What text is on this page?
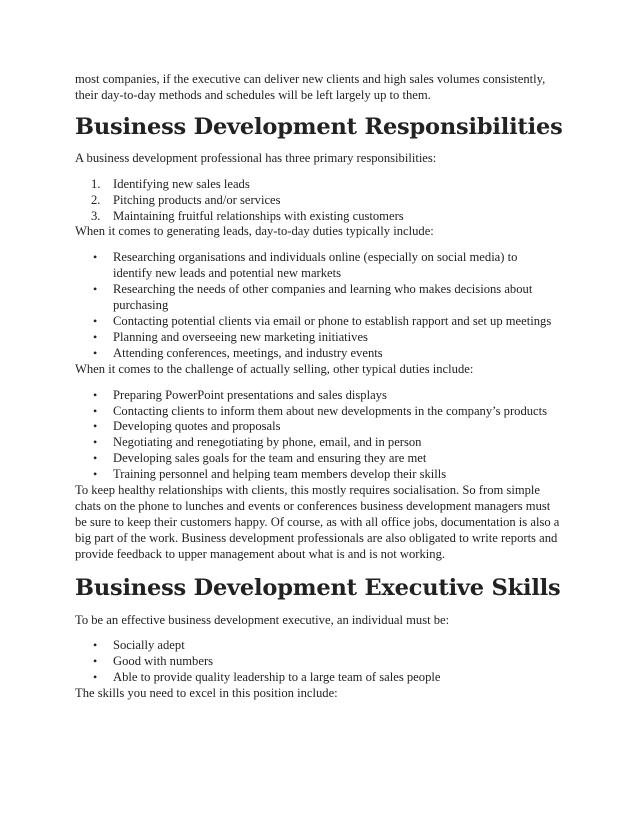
most companies, if the executive can deliver new clients and high sales volumes consistently, their day-to-day methods and schedules will be left largely up to them.

Business Development Responsibilities

A business development professional has three primary responsibilities:

1. Identifying new sales leads
2. Pitching products and/or services
3. Maintaining fruitful relationships with existing customers

When it comes to generating leads, day-to-day duties typically include:

• Researching organisations and individuals online (especially on social media) to identify new leads and potential new markets
• Researching the needs of other companies and learning who makes decisions about purchasing
• Contacting potential clients via email or phone to establish rapport and set up meetings
• Planning and overseeing new marketing initiatives
• Attending conferences, meetings, and industry events

When it comes to the challenge of actually selling, other typical duties include:

• Preparing PowerPoint presentations and sales displays
• Contacting clients to inform them about new developments in the company’s products
• Developing quotes and proposals
• Negotiating and renegotiating by phone, email, and in person
• Developing sales goals for the team and ensuring they are met
• Training personnel and helping team members develop their skills

To keep healthy relationships with clients, this mostly requires socialisation. So from simple chats on the phone to lunches and events or conferences business development managers must be sure to keep their customers happy. Of course, as with all office jobs, documentation is also a big part of the work. Business development professionals are also obligated to write reports and provide feedback to upper management about what is and is not working.

Business Development Executive Skills

To be an effective business development executive, an individual must be:

• Socially adept
• Good with numbers
• Able to provide quality leadership to a large team of sales people

The skills you need to excel in this position include:
